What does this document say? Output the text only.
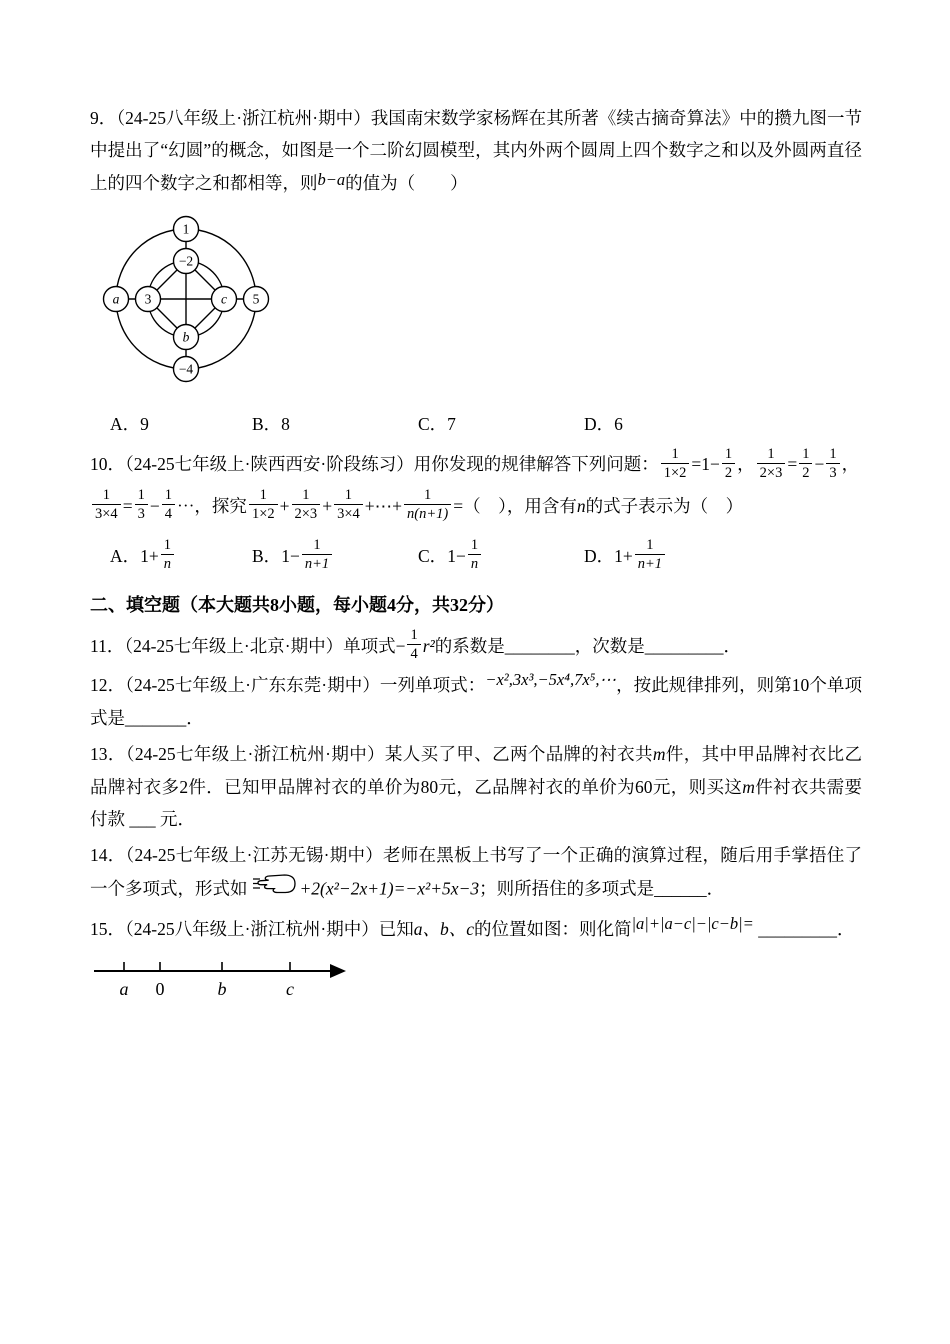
9．（24-25八年级上·浙江杭州·期中）我国南宋数学家杨辉在其所著《续古摘奇算法》中的攒九图一节中提出了“幻圆”的概念，如图是一个二阶幻圆模型，其内外两个圆周上四个数字之和以及外圆两直径上的四个数字之和都相等，则b−a的值为（　　）

1
−2
a 3	c 5
b
−4
A．9	B．8	C．7	D．6

10．（24-25七年级上·陕西西安·阶段练习）用你发现的规律解答下列问题： $\frac{1}{1\times 2} =1- \frac{1}{2}$ ， $\frac{1}{2\times 3} = \frac{1}{2} - \frac{1}{3}$ ，

$\frac{1}{3\times 4} = \frac{1}{3} - \frac{1}{4}$ ⋯，探究 $\frac{1}{1\times 2} + \frac{1}{2\times 3} + \frac{1}{3\times 4}$ +⋯+ $\frac{1}{n(n+1)}$ =（　），用含有n的式子表示为（　）

A．$1+ \frac{1}{n}$	B．$1- \frac{1}{n+1}$	C．$1- \frac{1}{n}$	D．$1+ \frac{1}{n+1}$

二、填空题（本大题共8小题，每小题4分，共32分）

11．（24-25七年级上·北京·期中）单项式− $\frac{1}{4} r^2$的系数是________，次数是_________．

12．（24-25七年级上·广东东莞·期中）一列单项式：−x²,3x³,−5x⁴,7x⁵,⋯，按此规律排列，则第10个单项式是_______．

13．（24-25七年级上·浙江杭州·期中）某人买了甲、乙两个品牌的衬衣共m件，其中甲品牌衬衣比乙品牌衬衣多2件．已知甲品牌衬衣的单价为80元，乙品牌衬衣的单价为60元，则买这m件衬衣共需要付款 ___ 元．

14．（24-25七年级上·江苏无锡·期中）老师在黑板上书写了一个正确的演算过程，随后用手掌捂住了一个多项式，形式如	+2(x²−2x+1)=−x²+5x−3；则所捂住的多项式是______．

15．（24-25八年级上·浙江杭州·期中）已知a、b、c的位置如图：则化简|a|+|a−c|−|c−b|= _________．

a 0	b	c
